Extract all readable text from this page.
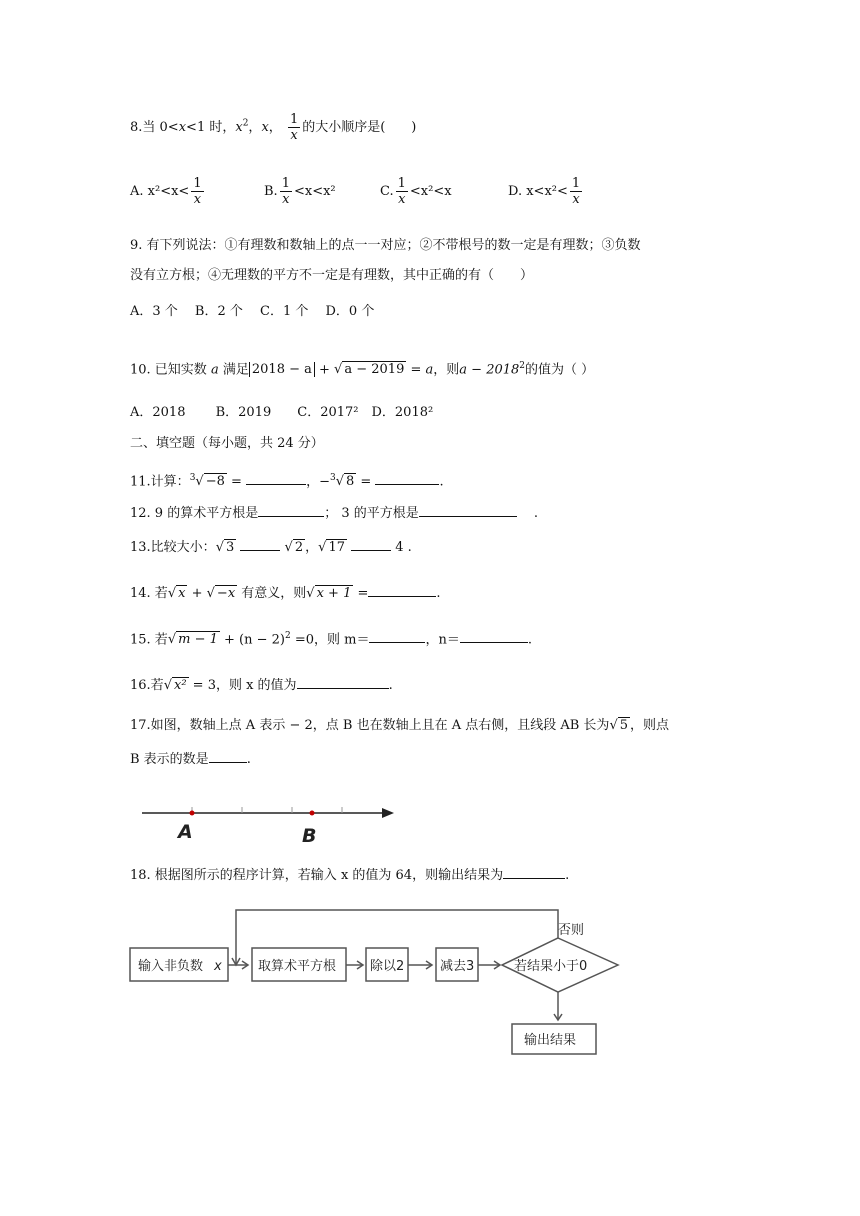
8.当 0<x<1 时，$x^2$，x， $\frac{1}{x}$ 的大小顺序是(　　)
A. $x^2<x< \frac{1}{x}$	B. $\frac{1}{x} <x<x^2$	C. $\frac{1}{x} <x^2<x$	D. $x<x^2< \frac{1}{x}$
9. 有下列说法：①有理数和数轴上的点一一对应；②不带根号的数一定是有理数；③负数
没有立方根；④无理数的平方不一定是有理数，其中正确的有（　　）
A．3 个　 B．2 个　 C．1 个　 D．0 个
10. 已知实数 a 满足 2018 − a + √ a − 2019 = a，则$a - 2018^2$的值为（ ）
A．2018　　 B．2019　　C．2017²　D．2018²
二、填空题（每小题，共 24 分）
11.计算：$^3$√ −8 =	，−$^3$√ 8 =	.
12. 9 的算术平方根是	； 3 的平方根是	　 .
13.比较大小：√ 3	√ 2 ，√ 17	4 .
14. 若√ x + √ −x 有意义，则√ x + 1 =	.
15. 若√ $m - 1 + (n - 2)^2 =0$，则 m＝	，n＝	.
16.若√ x² = 3，则 x 的值为	.
17.如图，数轴上点 A 表示 − 2，点 B 也在数轴上且在 A 点右侧，且线段 AB 长为√ 5 ，则点
B 表示的数是	.
A	B
18. 根据图所示的程序计算，若输入 x 的值为 64，则输出结果为	.
否则
输入非负数 x	取算术平方根	除以2	减去3	若结果小于0
输出结果
